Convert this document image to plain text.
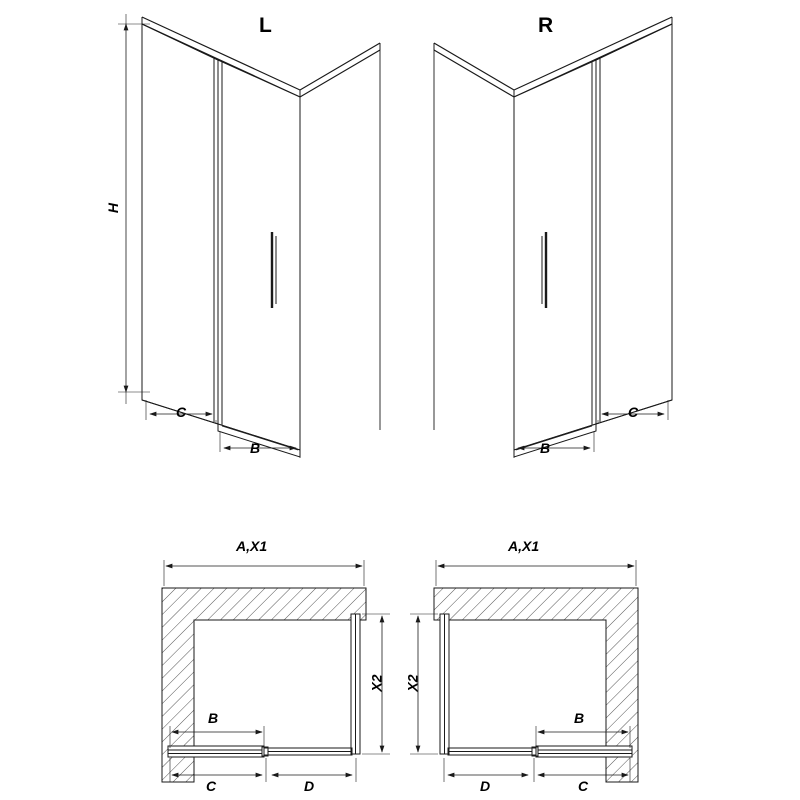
L	R
H
C
B	B
C
A,X1
X2
B
C	D
A,X1
X2
B
D	C
